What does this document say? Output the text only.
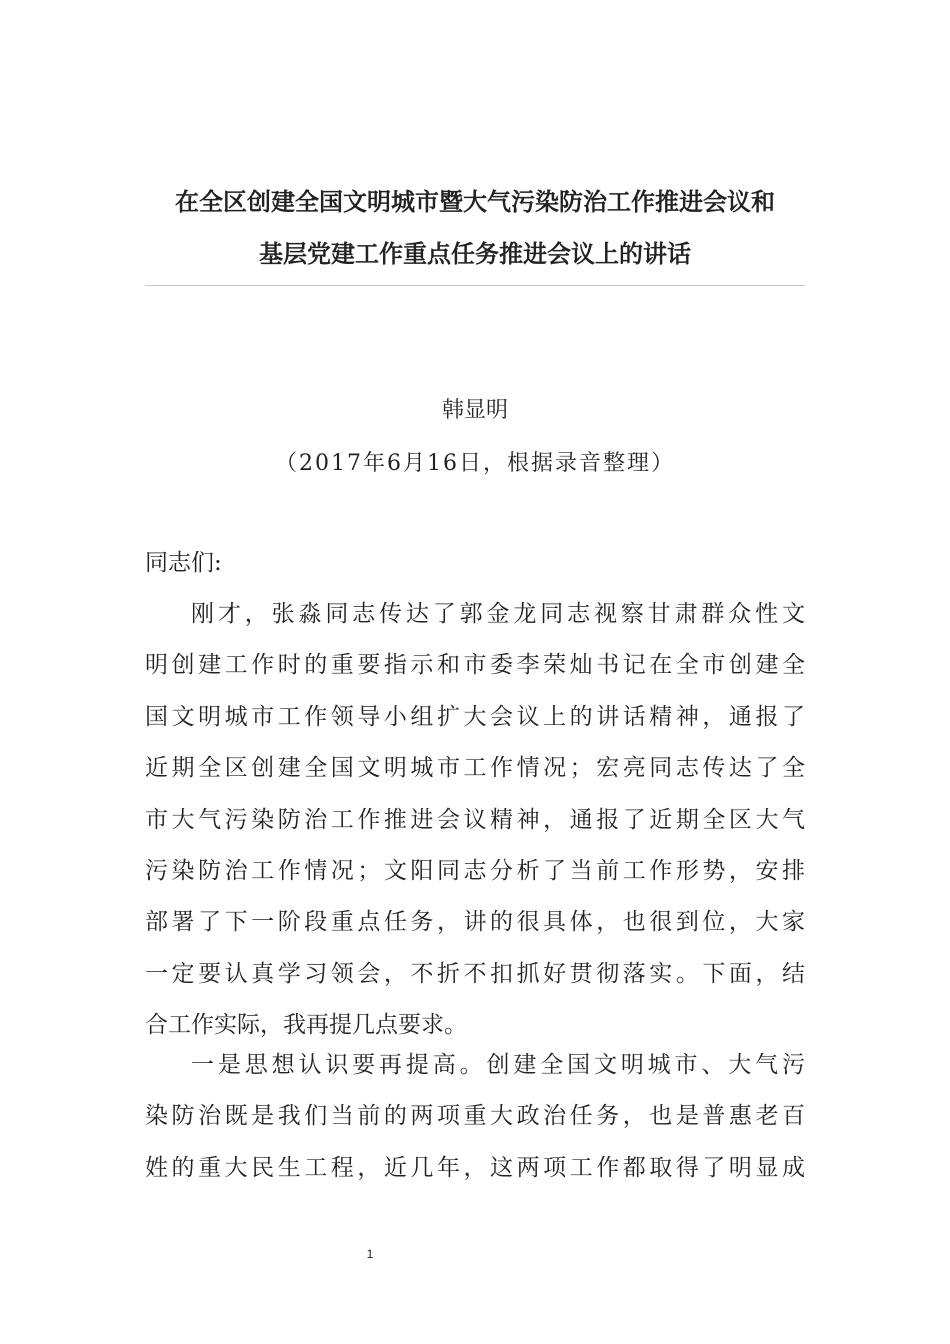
在全区创建全国文明城市暨大气污染防治工作推进会议和
基层党建工作重点任务推进会议上的讲话
韩显明
（2017年6月16日，根据录音整理）
同志们:
刚才，张淼同志传达了郭金龙同志视察甘肃群众性文
明创建工作时的重要指示和市委李荣灿书记在全市创建全
国文明城市工作领导小组扩大会议上的讲话精神，通报了
近期全区创建全国文明城市工作情况；宏亮同志传达了全
市大气污染防治工作推进会议精神，通报了近期全区大气
污染防治工作情况；文阳同志分析了当前工作形势，安排
部署了下一阶段重点任务，讲的很具体，也很到位，大家
一定要认真学习领会，不折不扣抓好贯彻落实。下面，结
合工作实际，我再提几点要求。
一是思想认识要再提高。创建全国文明城市、大气污
染防治既是我们当前的两项重大政治任务，也是普惠老百
姓的重大民生工程，近几年，这两项工作都取得了明显成
1
